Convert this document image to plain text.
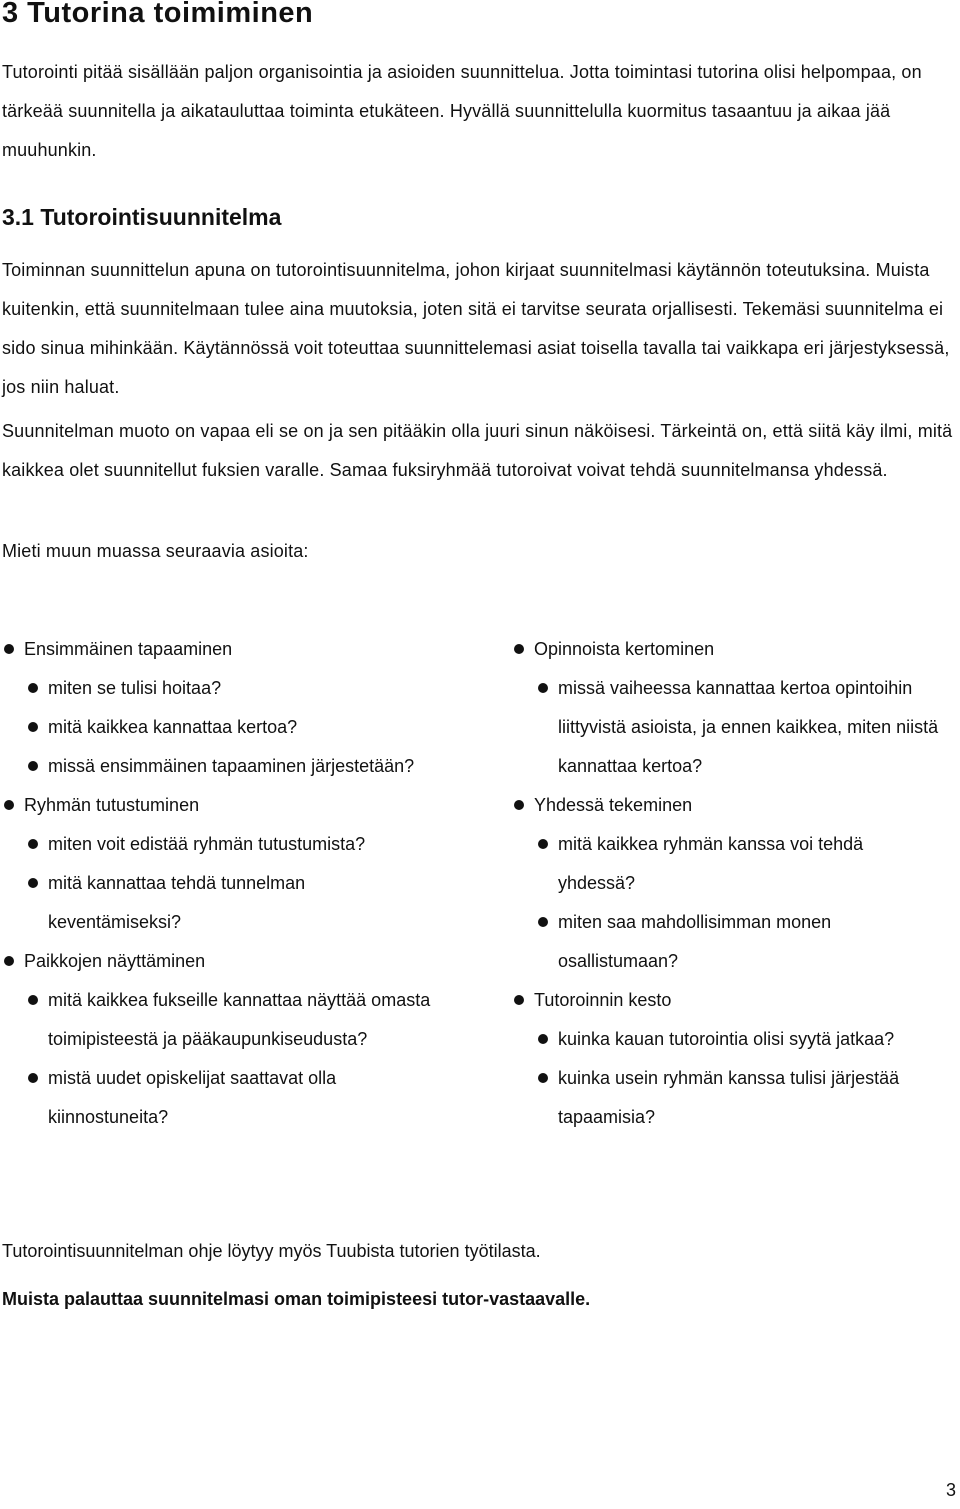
3 Tutorina toimiminen

Tutorointi pitää sisällään paljon organisointia ja asioiden suunnittelua. Jotta toimintasi tutorina olisi helpompaa, on tärkeää suunnitella ja aikatauluttaa toiminta etukäteen. Hyvällä suunnittelulla kuormitus tasaantuu ja aikaa jää muuhunkin.

3.1 Tutorointisuunnitelma

Toiminnan suunnittelun apuna on tutorointisuunnitelma, johon kirjaat suunnitelmasi käytännön toteutuksina. Muista kuitenkin, että suunnitelmaan tulee aina muutoksia, joten sitä ei tarvitse seurata orjallisesti. Tekemäsi suunnitelma ei sido sinua mihinkään. Käytännössä voit toteuttaa suunnittelemasi asiat toisella tavalla tai vaikkapa eri järjestyksessä, jos niin haluat.

Suunnitelman muoto on vapaa eli se on ja sen pitääkin olla juuri sinun näköisesi. Tärkeintä on, että siitä käy ilmi, mitä kaikkea olet suunnitellut fuksien varalle. Samaa fuksiryhmää tutoroivat voivat tehdä suunnitelmansa yhdessä.

Mieti muun muassa seuraavia asioita:

Ensimmäinen tapaaminen
miten se tulisi hoitaa?
mitä kaikkea kannattaa kertoa?
missä ensimmäinen tapaaminen järjestetään?
Ryhmän tutustuminen
miten voit edistää ryhmän tutustumista?
mitä kannattaa tehdä tunnelman keventämiseksi?
Paikkojen näyttäminen
mitä kaikkea fukseille kannattaa näyttää omasta toimipisteestä ja pääkaupunkiseudusta?
mistä uudet opiskelijat saattavat olla kiinnostuneita?
Opinnoista kertominen
missä vaiheessa kannattaa kertoa opintoihin liittyvistä asioista, ja ennen kaikkea, miten niistä kannattaa kertoa?
Yhdessä tekeminen
mitä kaikkea ryhmän kanssa voi tehdä yhdessä?
miten saa mahdollisimman monen osallistumaan?
Tutoroinnin kesto
kuinka kauan tutorointia olisi syytä jatkaa?
kuinka usein ryhmän kanssa tulisi järjestää tapaamisia?

Tutorointisuunnitelman ohje löytyy myös Tuubista tutorien työtilasta.

Muista palauttaa suunnitelmasi oman toimipisteesi tutor-vastaavalle.

3
